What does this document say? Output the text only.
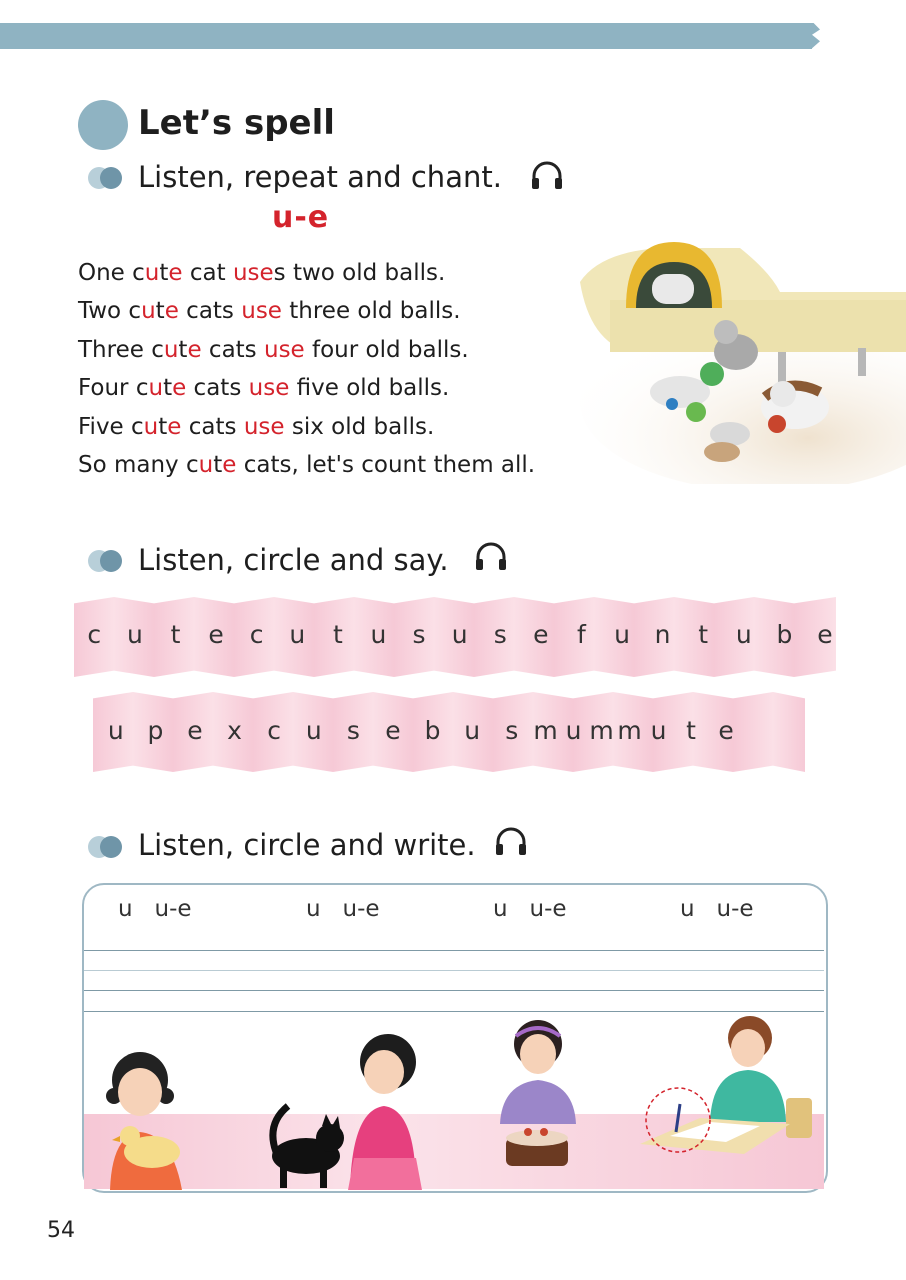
Let’s spell
Listen, repeat and chant.
u-e
One cute cat uses two old balls.
Two cute cats use three old balls.
Three cute cats use four old balls.
Four cute cats use five old balls.
Five cute cats use six old balls.
So many cute cats, let's count them all.
Listen, circle and say.
c	u	t	e	c	u	t	u	s	u	s	e	f	u n	t	u b e
u p e x	c u	s	e b u	s m u m m u t e
Listen, circle and write.
u u-e	u u-e	u u-e	u u-e
54
